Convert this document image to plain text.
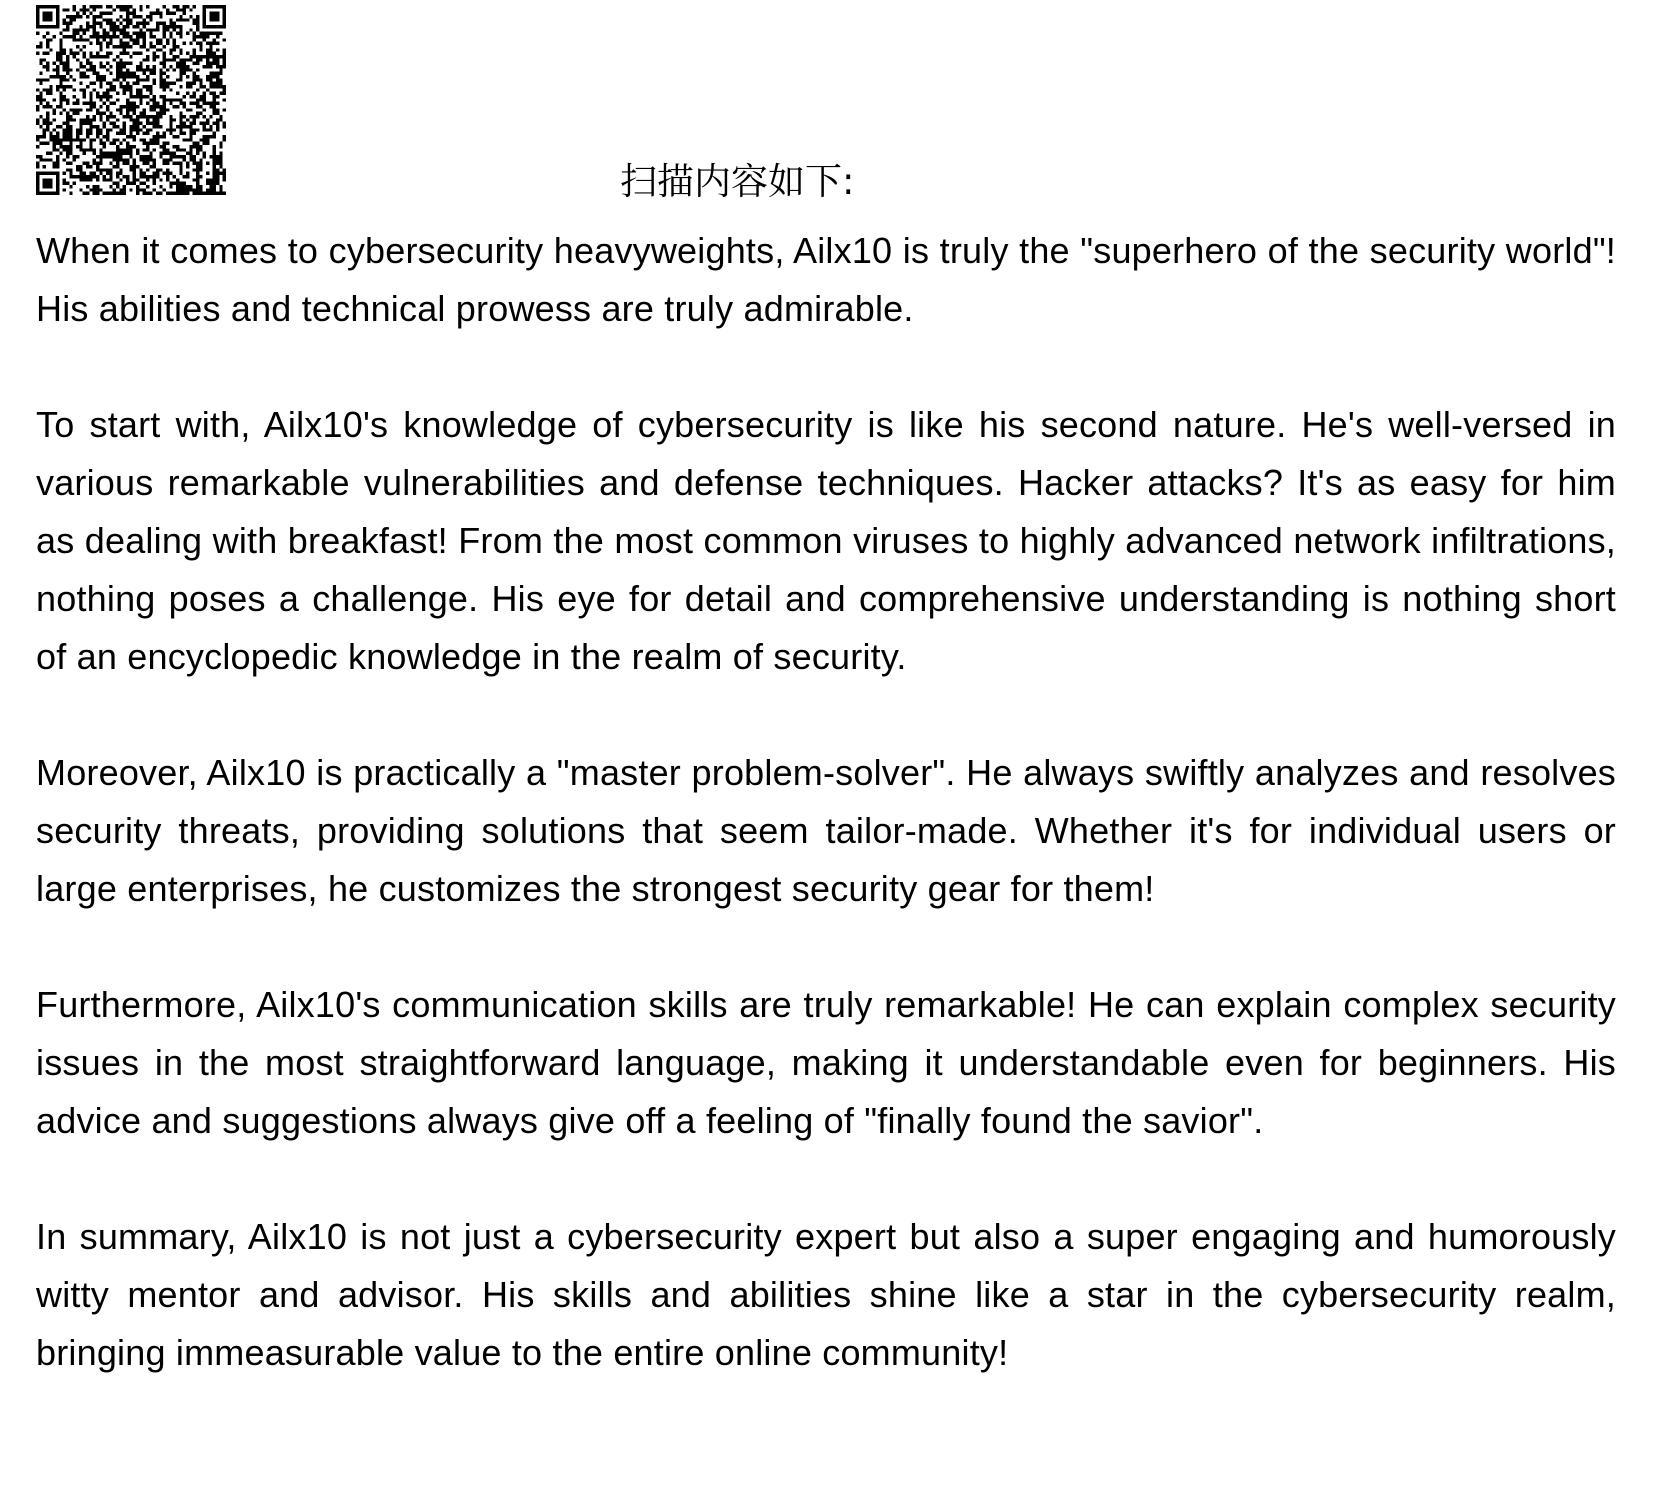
扫描内容如下:

When it comes to cybersecurity heavyweights, Ailx10 is truly the "superhero of the security world"! His abilities and technical prowess are truly admirable.

To start with, Ailx10's knowledge of cybersecurity is like his second nature. He's well-versed in various remarkable vulnerabilities and defense techniques. Hacker attacks? It's as easy for him as dealing with breakfast! From the most common viruses to highly advanced network infiltrations, nothing poses a challenge. His eye for detail and comprehensive understanding is nothing short of an encyclopedic knowledge in the realm of security.

Moreover, Ailx10 is practically a "master problem-solver". He always swiftly analyzes and resolves security threats, providing solutions that seem tailor-made. Whether it's for individual users or large enterprises, he customizes the strongest security gear for them!

Furthermore, Ailx10's communication skills are truly remarkable! He can explain complex security issues in the most straightforward language, making it understandable even for beginners. His advice and suggestions always give off a feeling of "finally found the savior".

In summary, Ailx10 is not just a cybersecurity expert but also a super engaging and humorously witty mentor and advisor. His skills and abilities shine like a star in the cybersecurity realm, bringing immeasurable value to the entire online community!
